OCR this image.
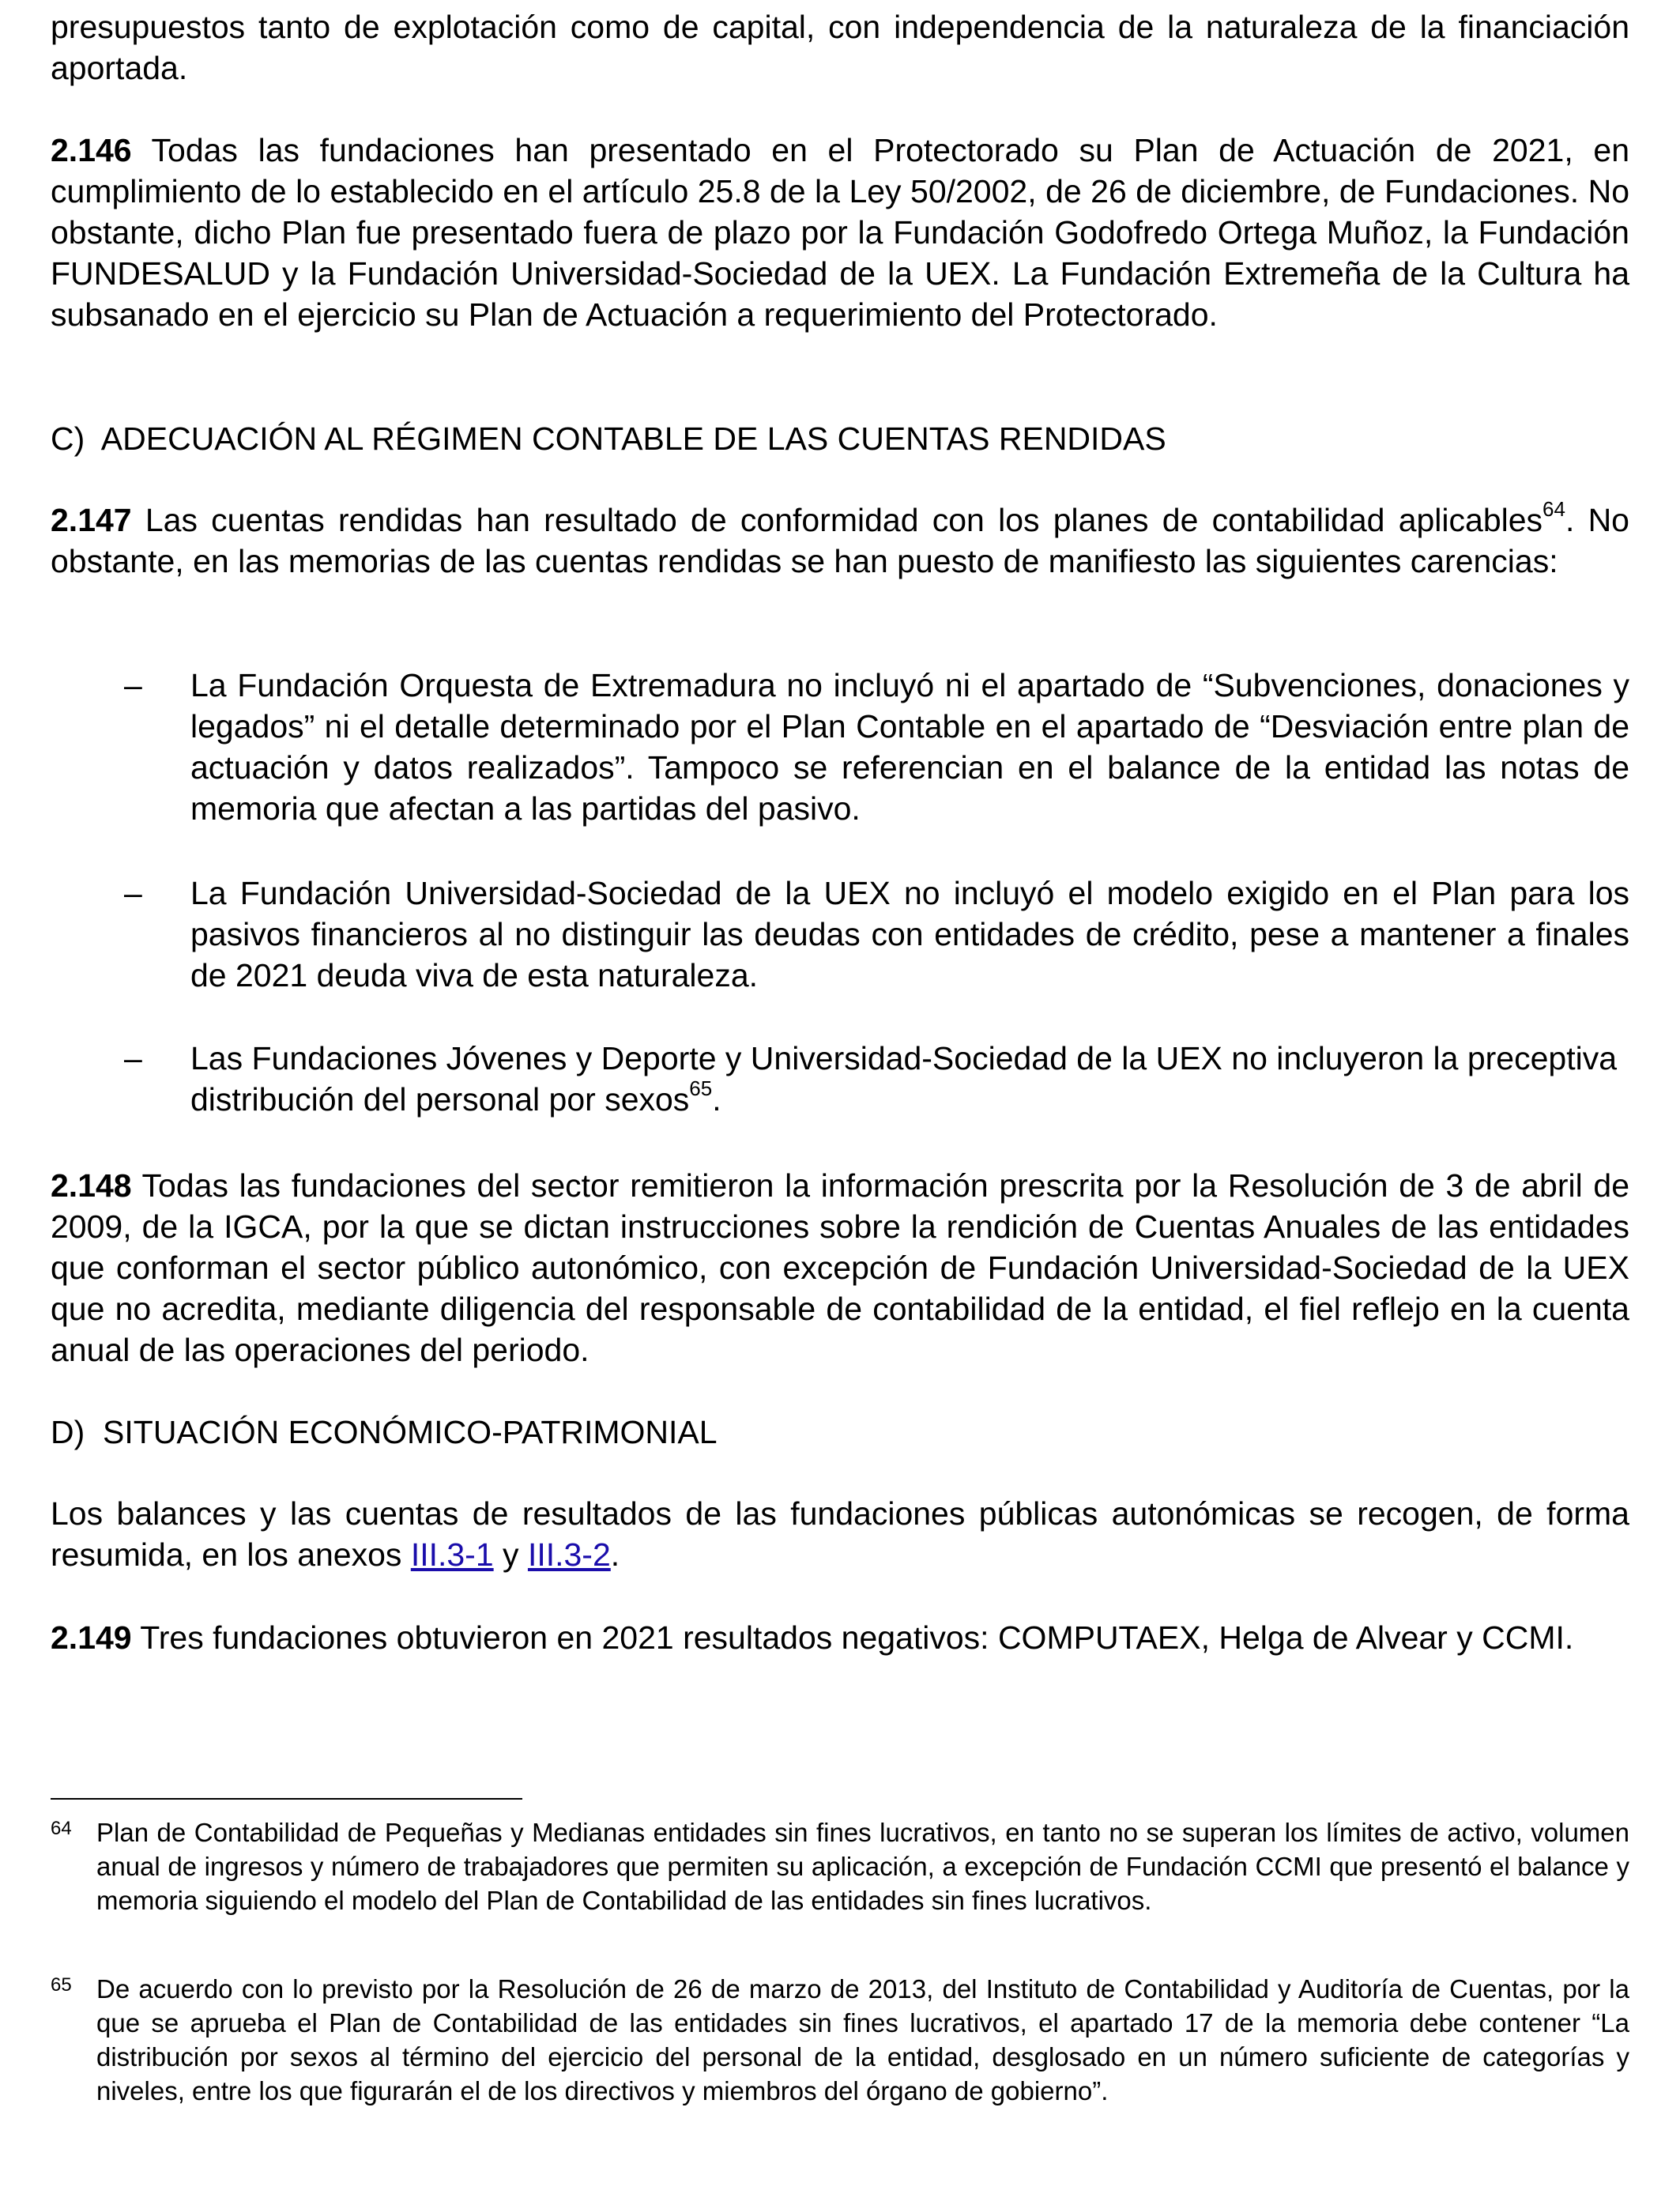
presupuestos tanto de explotación como de capital, con independencia de la naturaleza de la financiación aportada.

2.146 Todas las fundaciones han presentado en el Protectorado su Plan de Actuación de 2021, en cumplimiento de lo establecido en el artículo 25.8 de la Ley 50/2002, de 26 de diciembre, de Fundaciones. No obstante, dicho Plan fue presentado fuera de plazo por la Fundación Godofredo Ortega Muñoz, la Fundación FUNDESALUD y la Fundación Universidad-Sociedad de la UEX. La Fundación Extremeña de la Cultura ha subsanado en el ejercicio su Plan de Actuación a requerimiento del Protectorado.

C)  ADECUACIÓN AL RÉGIMEN CONTABLE DE LAS CUENTAS RENDIDAS

2.147 Las cuentas rendidas han resultado de conformidad con los planes de contabilidad aplicables$^{64}$. No obstante, en las memorias de las cuentas rendidas se han puesto de manifiesto las siguientes carencias:

–	La Fundación Orquesta de Extremadura no incluyó ni el apartado de “Subvenciones, donaciones y legados” ni el detalle determinado por el Plan Contable en el apartado de “Desviación entre plan de actuación y datos realizados”. Tampoco se referencian en el balance de la entidad las notas de memoria que afectan a las partidas del pasivo.
–	La Fundación Universidad-Sociedad de la UEX no incluyó el modelo exigido en el Plan para los pasivos financieros al no distinguir las deudas con entidades de crédito, pese a mantener a finales de 2021 deuda viva de esta naturaleza.
–	Las Fundaciones Jóvenes y Deporte y Universidad-Sociedad de la UEX no incluyeron la preceptiva distribución del personal por sexos$^{65}$.

2.148 Todas las fundaciones del sector remitieron la información prescrita por la Resolución de 3 de abril de 2009, de la IGCA, por la que se dictan instrucciones sobre la rendición de Cuentas Anuales de las entidades que conforman el sector público autonómico, con excepción de Fundación Universidad-Sociedad de la UEX que no acredita, mediante diligencia del responsable de contabilidad de la entidad, el fiel reflejo en la cuenta anual de las operaciones del periodo.

D)  SITUACIÓN ECONÓMICO-PATRIMONIAL

Los balances y las cuentas de resultados de las fundaciones públicas autonómicas se recogen, de forma resumida, en los anexos III.3-1 y III.3-2.

2.149 Tres fundaciones obtuvieron en 2021 resultados negativos: COMPUTAEX, Helga de Alvear y CCMI.

64 Plan de Contabilidad de Pequeñas y Medianas entidades sin fines lucrativos, en tanto no se superan los límites de activo, volumen anual de ingresos y número de trabajadores que permiten su aplicación, a excepción de Fundación CCMI que presentó el balance y memoria siguiendo el modelo del Plan de Contabilidad de las entidades sin fines lucrativos.
65 De acuerdo con lo previsto por la Resolución de 26 de marzo de 2013, del Instituto de Contabilidad y Auditoría de Cuentas, por la que se aprueba el Plan de Contabilidad de las entidades sin fines lucrativos, el apartado 17 de la memoria debe contener “La distribución por sexos al término del ejercicio del personal de la entidad, desglosado en un número suficiente de categorías y niveles, entre los que figurarán el de los directivos y miembros del órgano de gobierno”.
